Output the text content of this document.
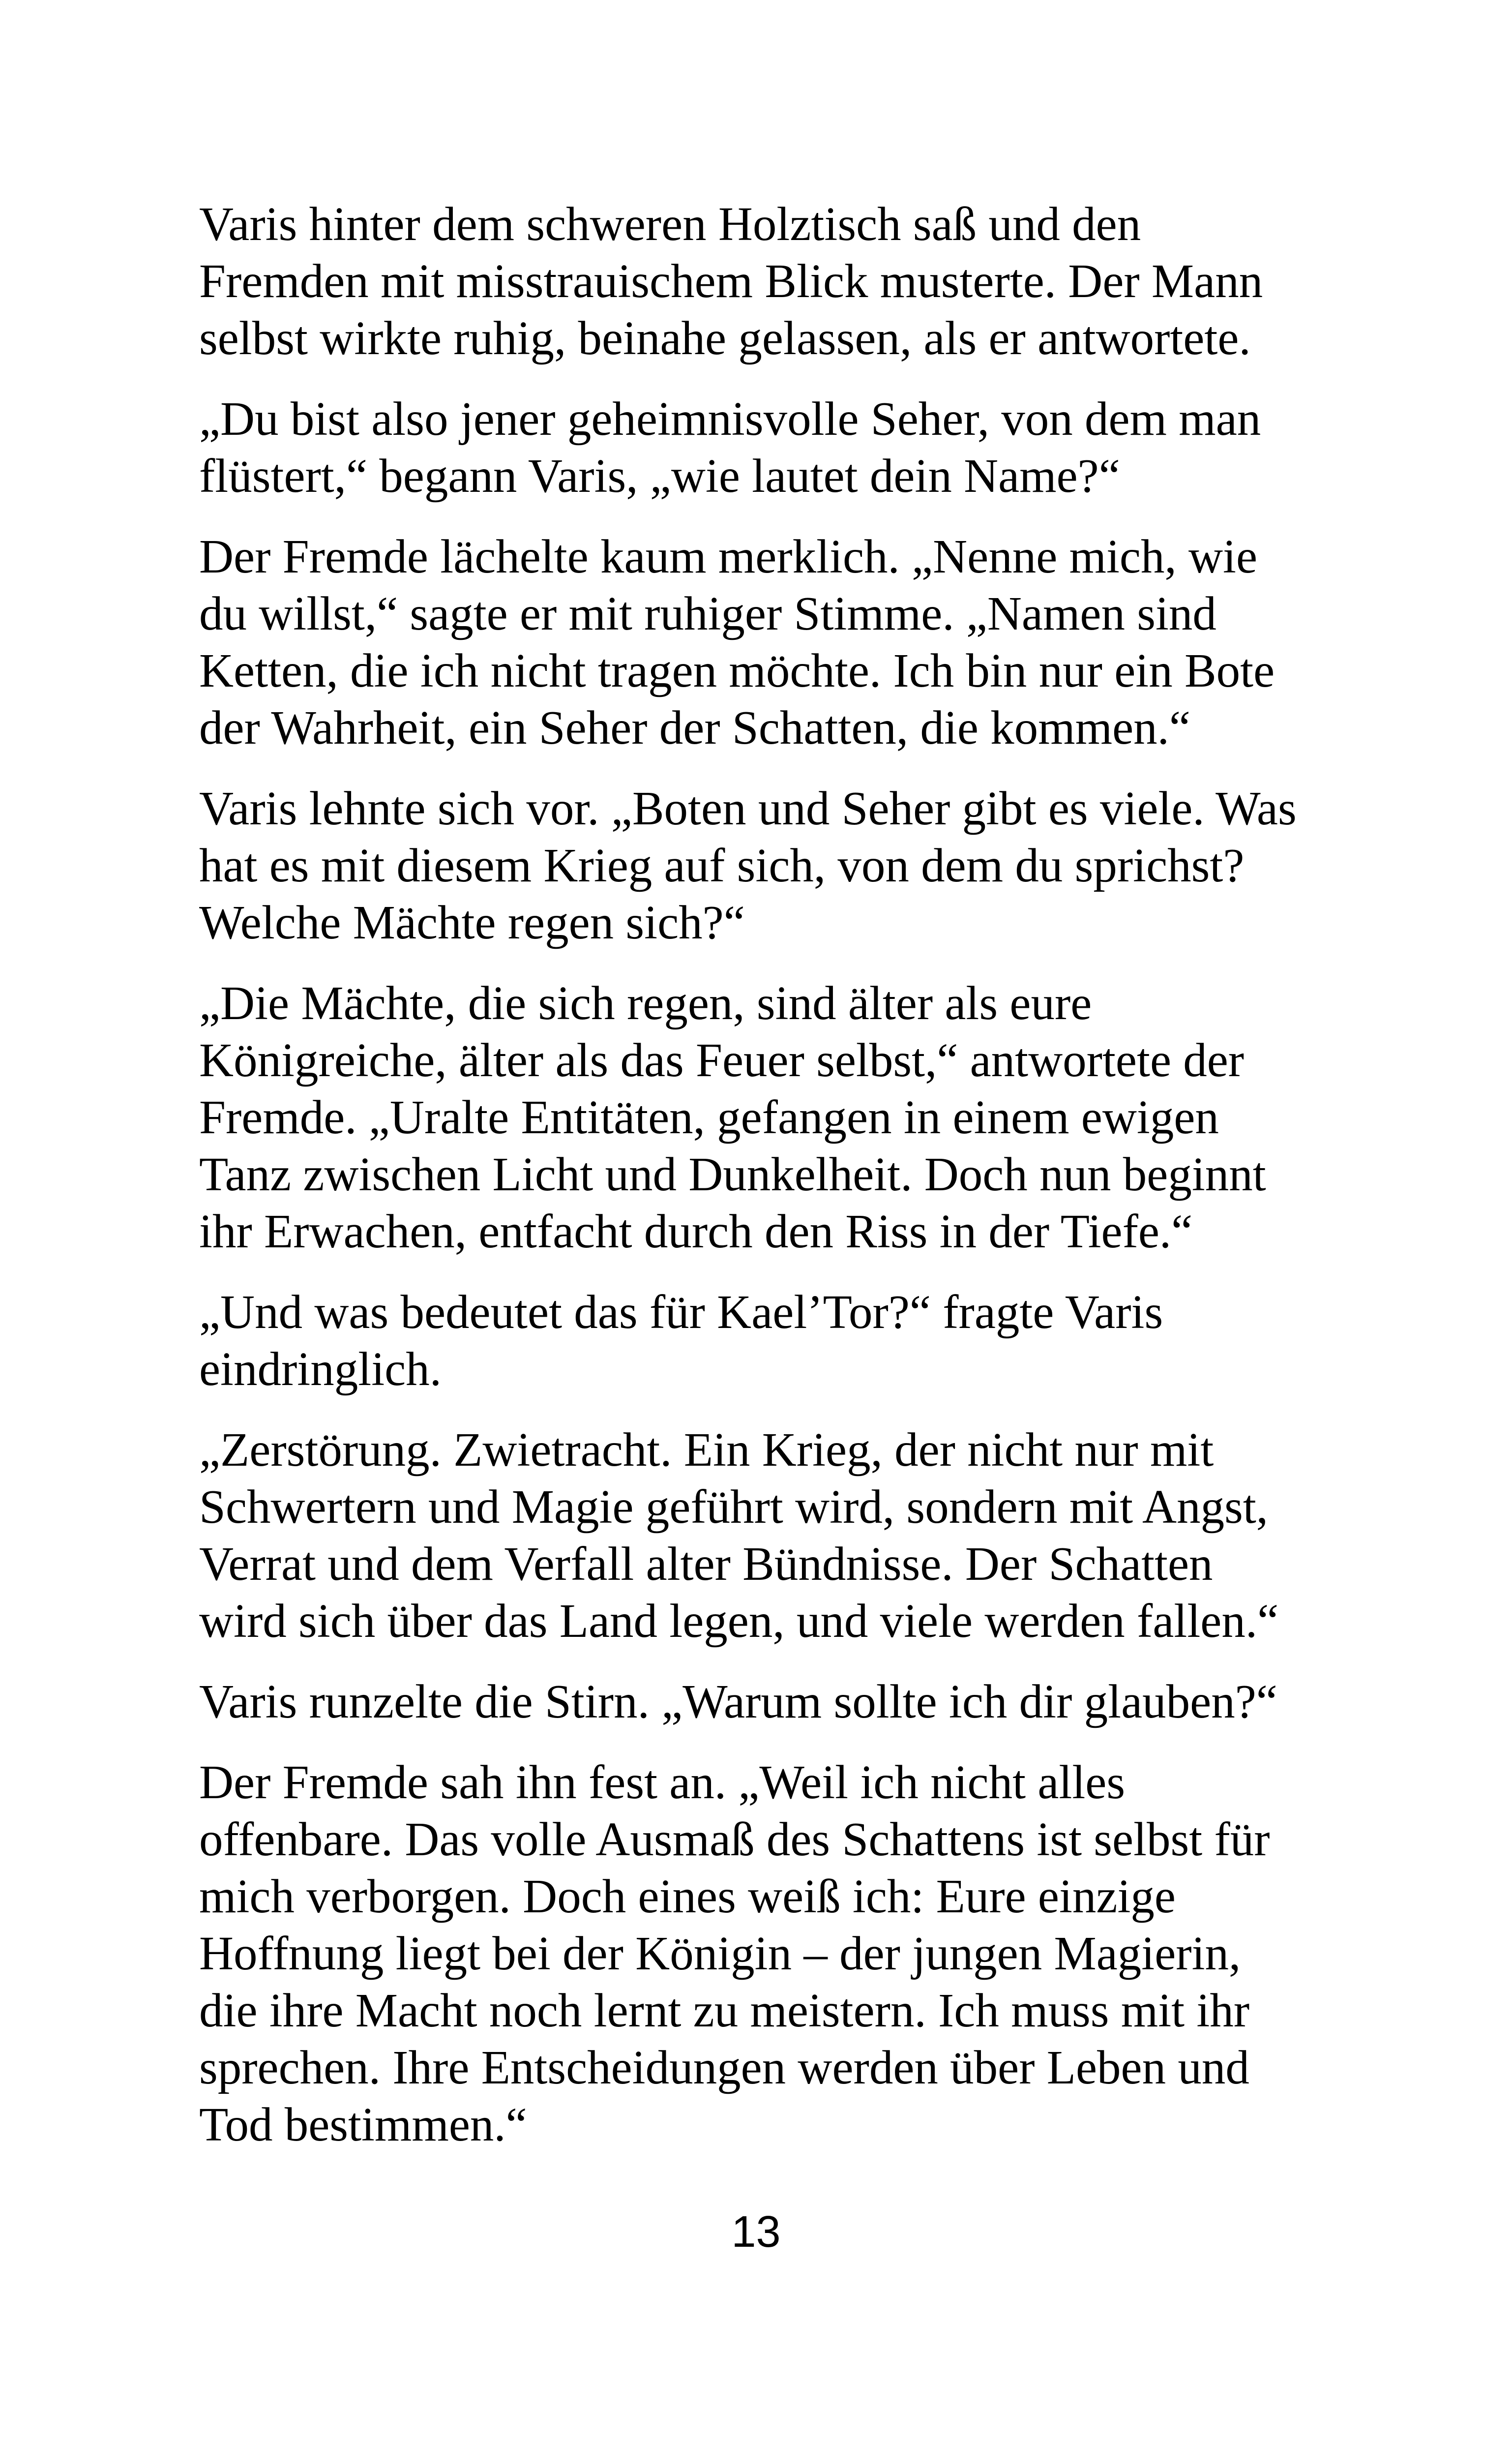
Varis hinter dem schweren Holztisch saß und den
Fremden mit misstrauischem Blick musterte. Der Mann
selbst wirkte ruhig, beinahe gelassen, als er antwortete.

„Du bist also jener geheimnisvolle Seher, von dem man
flüstert,“ begann Varis, „wie lautet dein Name?“

Der Fremde lächelte kaum merklich. „Nenne mich, wie
du willst,“ sagte er mit ruhiger Stimme. „Namen sind
Ketten, die ich nicht tragen möchte. Ich bin nur ein Bote
der Wahrheit, ein Seher der Schatten, die kommen.“

Varis lehnte sich vor. „Boten und Seher gibt es viele. Was
hat es mit diesem Krieg auf sich, von dem du sprichst?
Welche Mächte regen sich?“

„Die Mächte, die sich regen, sind älter als eure
Königreiche, älter als das Feuer selbst,“ antwortete der
Fremde. „Uralte Entitäten, gefangen in einem ewigen
Tanz zwischen Licht und Dunkelheit. Doch nun beginnt
ihr Erwachen, entfacht durch den Riss in der Tiefe.“

„Und was bedeutet das für Kael’Tor?“ fragte Varis
eindringlich.

„Zerstörung. Zwietracht. Ein Krieg, der nicht nur mit
Schwertern und Magie geführt wird, sondern mit Angst,
Verrat und dem Verfall alter Bündnisse. Der Schatten
wird sich über das Land legen, und viele werden fallen.“

Varis runzelte die Stirn. „Warum sollte ich dir glauben?“

Der Fremde sah ihn fest an. „Weil ich nicht alles
offenbare. Das volle Ausmaß des Schattens ist selbst für
mich verborgen. Doch eines weiß ich: Eure einzige
Hoffnung liegt bei der Königin – der jungen Magierin,
die ihre Macht noch lernt zu meistern. Ich muss mit ihr
sprechen. Ihre Entscheidungen werden über Leben und
Tod bestimmen.“

13
